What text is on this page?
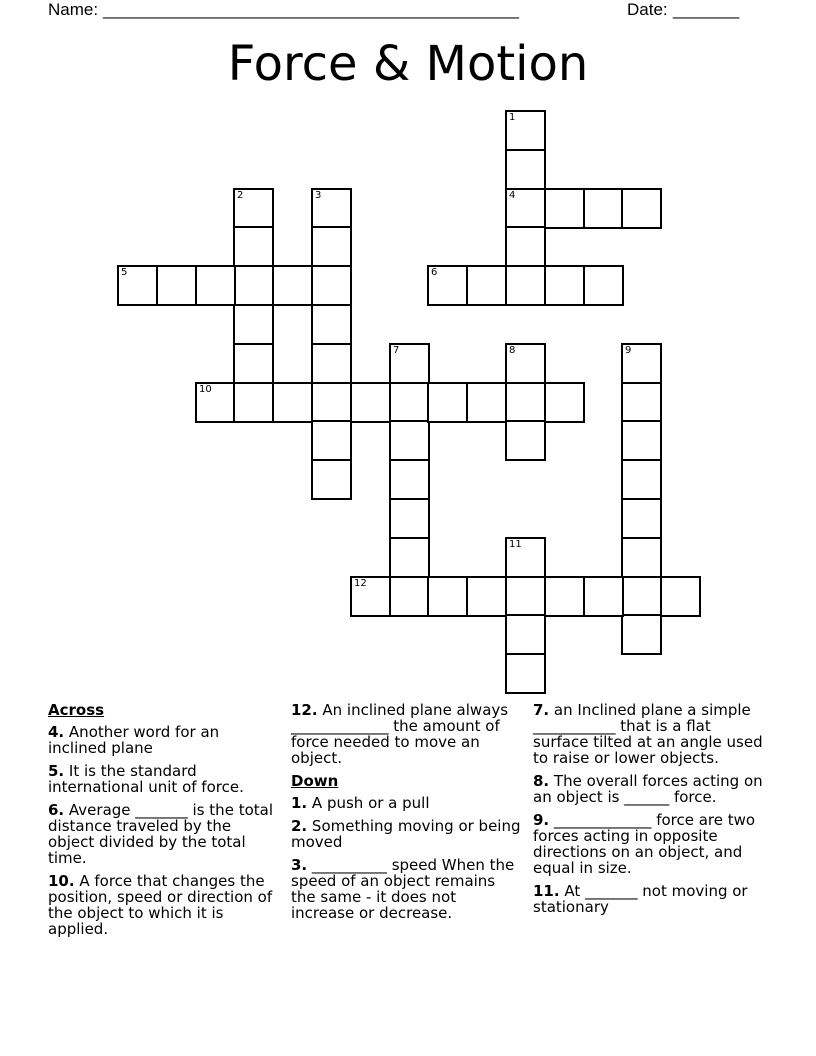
Name: ____________________________________________	Date: _______
Force & Motion
1
4
2	3
5	6
7	8	9
10
11
12
Across
4. Another word for an inclined plane
5. It is the standard international unit of force.
6. Average _______ is the total distance traveled by the object divided by the total time.
10. A force that changes the position, speed or direction of the object to which it is applied.
12. An inclined plane always _____________ the amount of force needed to move an object.
Down
1. A push or a pull
2. Something moving or being moved
3. __________ speed When the speed of an object remains the same - it does not increase or decrease.
7. an Inclined plane a simple ___________ that is a flat surface tilted at an angle used to raise or lower objects.
8. The overall forces acting on an object is ______ force.
9. _____________ force are two forces acting in opposite directions on an object, and equal in size.
11. At _______ not moving or stationary
